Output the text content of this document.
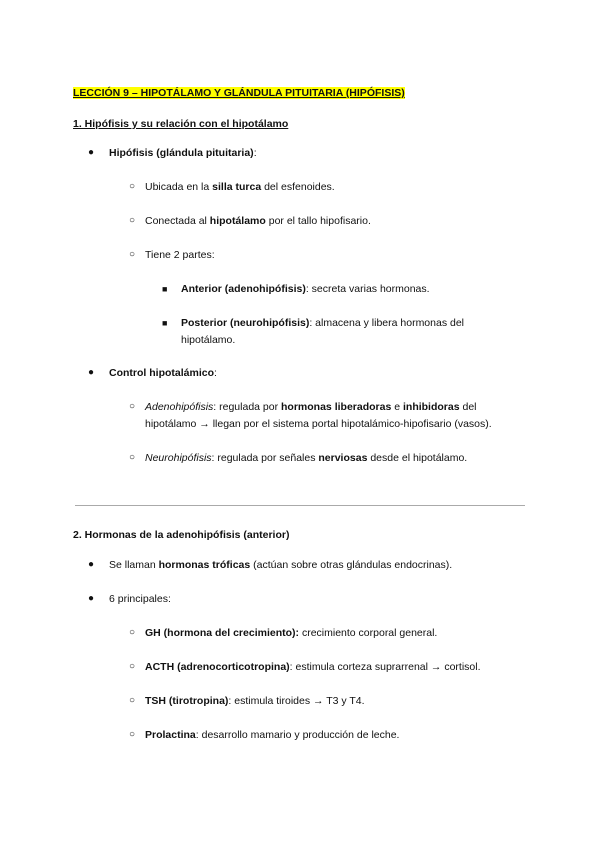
LECCIÓN 9 – HIPOTÁLAMO Y GLÁNDULA PITUITARIA (HIPÓFISIS)
1. Hipófisis y su relación con el hipotálamo
● Hipófisis (glándula pituitaria):
○ Ubicada en la silla turca del esfenoides.
○ Conectada al hipotálamo por el tallo hipofisario.
○ Tiene 2 partes:
■ Anterior (adenohipófisis): secreta varias hormonas.
■ Posterior (neurohipófisis): almacena y libera hormonas del
hipotálamo.
● Control hipotalámico:
○ Adenohipófisis: regulada por hormonas liberadoras e inhibidoras del
hipotálamo → llegan por el sistema portal hipotalámico-hipofisario (vasos).
○ Neurohipófisis: regulada por señales nerviosas desde el hipotálamo.
2. Hormonas de la adenohipófisis (anterior)
● Se llaman hormonas tróficas (actúan sobre otras glándulas endocrinas).
● 6 principales:
○ GH (hormona del crecimiento): crecimiento corporal general.
○ ACTH (adrenocorticotropina): estimula corteza suprarrenal → cortisol.
○ TSH (tirotropina): estimula tiroides → T3 y T4.
○ Prolactina: desarrollo mamario y producción de leche.
